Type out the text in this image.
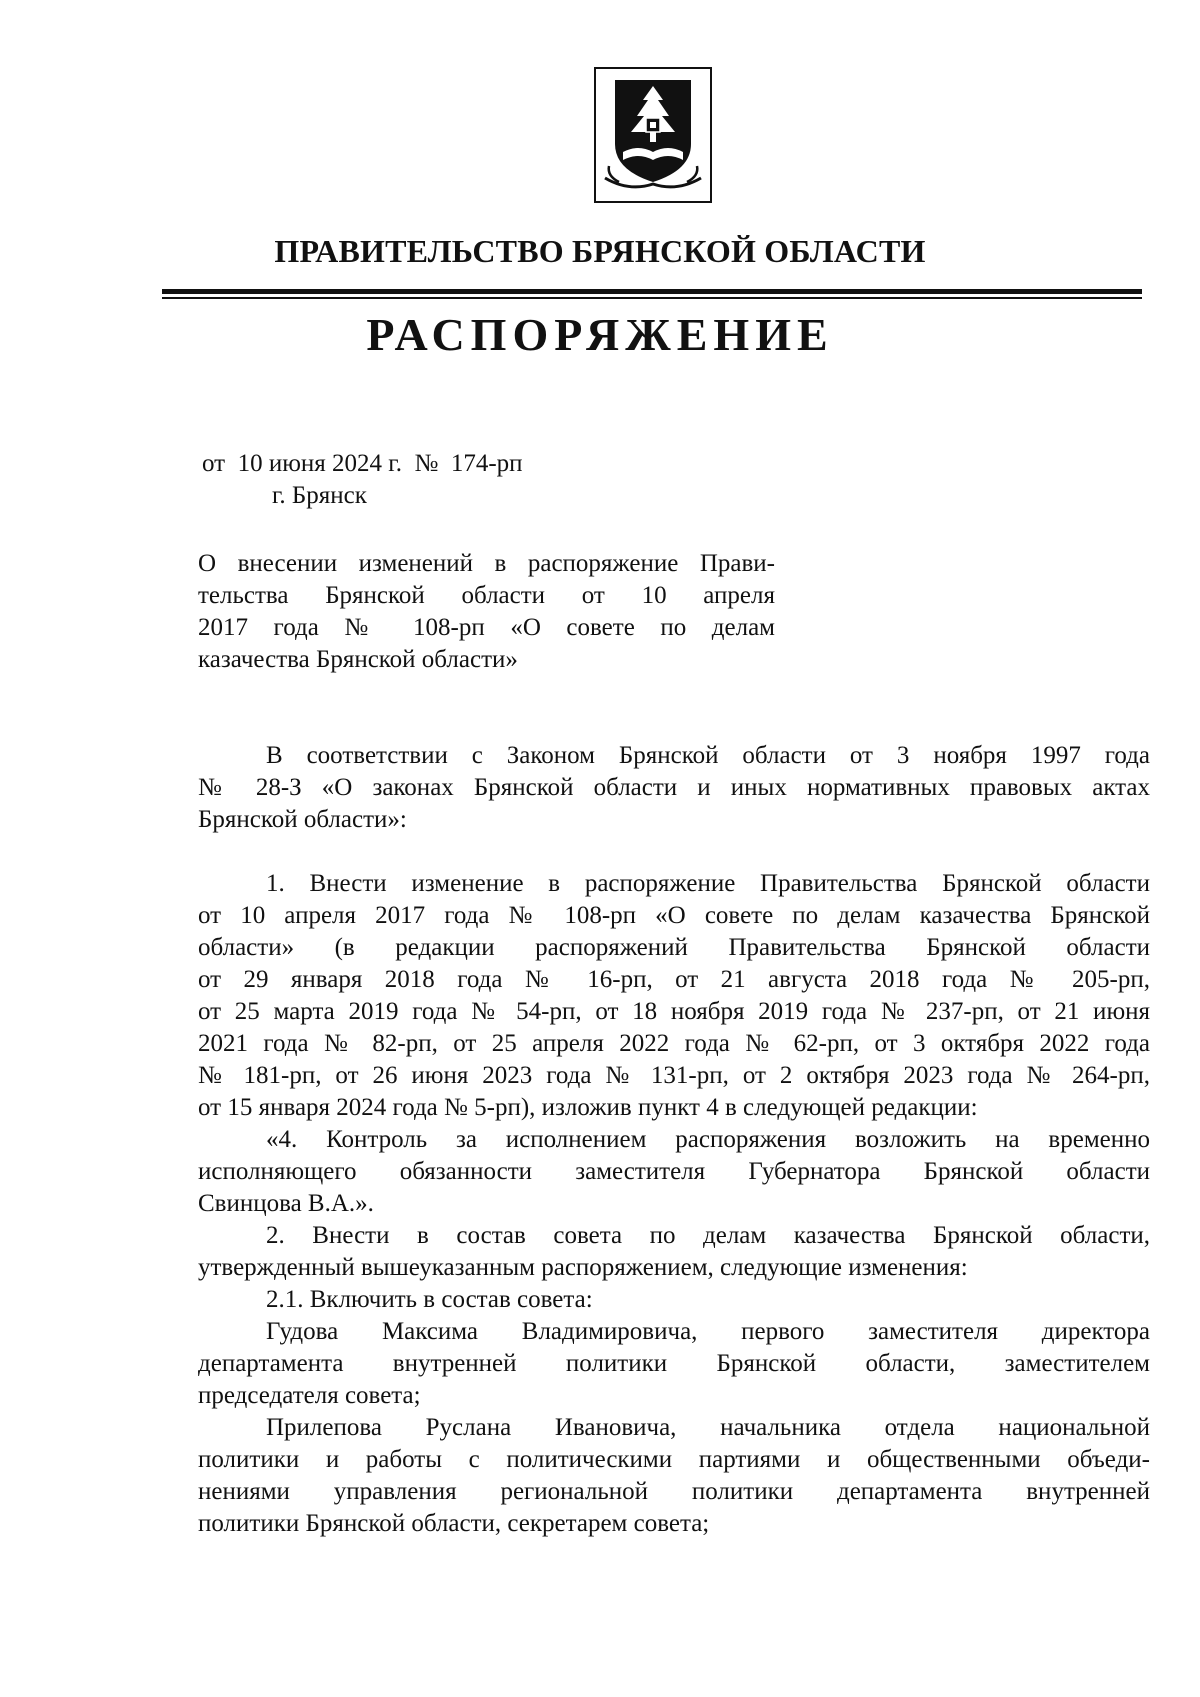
ПРАВИТЕЛЬСТВО БРЯНСКОЙ ОБЛАСТИ
РАСПОРЯЖЕНИЕ

от  10 июня 2024 г.  №  174-рп

г. Брянск

О внесении изменений в распоряжение Прави-
тельства Брянской области от 10 апреля
2017 года № 108-рп «О совете по делам
казачества Брянской области»
В соответствии с Законом Брянской области от 3 ноября 1997 года
№ 28-З «О законах Брянской области и иных нормативных правовых актах
Брянской области»:
1. Внести изменение в распоряжение Правительства Брянской области
от 10 апреля 2017 года № 108-рп «О совете по делам казачества Брянской
области» (в редакции распоряжений Правительства Брянской области
от 29 января 2018 года № 16-рп, от 21 августа 2018 года № 205-рп,
от 25 марта 2019 года № 54-рп, от 18 ноября 2019 года № 237-рп, от 21 июня
2021 года № 82-рп, от 25 апреля 2022 года № 62-рп, от 3 октября 2022 года
№ 181-рп, от 26 июня 2023 года № 131-рп, от 2 октября 2023 года № 264-рп,
от 15 января 2024 года № 5-рп), изложив пункт 4 в следующей редакции:
«4. Контроль за исполнением распоряжения возложить на временно
исполняющего обязанности заместителя Губернатора Брянской области
Свинцова В.А.».
2. Внести в состав совета по делам казачества Брянской области,
утвержденный вышеуказанным распоряжением, следующие изменения:
2.1. Включить в состав совета:
Гудова Максима Владимировича, первого заместителя директора
департамента внутренней политики Брянской области, заместителем
председателя совета;
Прилепова Руслана Ивановича, начальника отдела национальной
политики и работы с политическими партиями и общественными объеди-
нениями управления региональной политики департамента внутренней
политики Брянской области, секретарем совета;
